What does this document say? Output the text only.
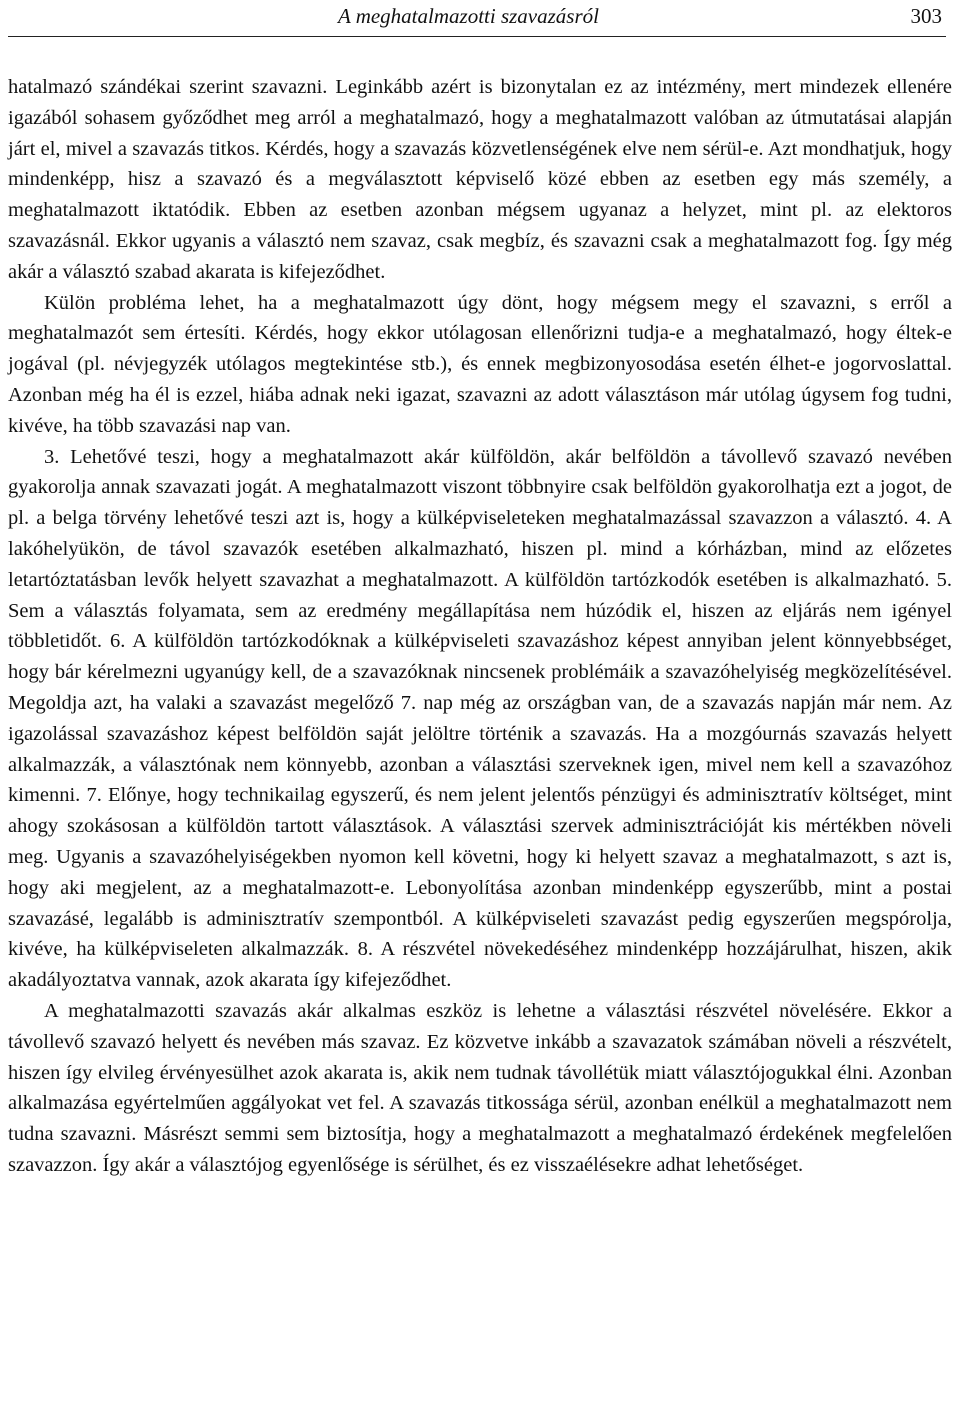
A meghatalmazotti szavazásról	303

hatalmazó szándékai szerint szavazni. Leginkább azért is bizonytalan ez az intézmény, mert mindezek ellenére igazából sohasem győződhet meg arról a meghatalmazó, hogy a meghatalmazott valóban az útmutatásai alapján járt el, mivel a szavazás titkos. Kérdés, hogy a szavazás közvetlenségének elve nem sérül-e. Azt mondhatjuk, hogy mindenképp, hisz a szavazó és a megválasztott képviselő közé ebben az esetben egy más személy, a meghatalmazott iktatódik. Ebben az esetben azonban mégsem ugyanaz a helyzet, mint pl. az elektoros szavazásnál. Ekkor ugyanis a választó nem szavaz, csak megbíz, és szavazni csak a meghatalmazott fog. Így még akár a választó szabad akarata is kifejeződhet.

Külön probléma lehet, ha a meghatalmazott úgy dönt, hogy mégsem megy el szavazni, s erről a meghatalmazót sem értesíti. Kérdés, hogy ekkor utólagosan ellenőrizni tudja-e a meghatalmazó, hogy éltek-e jogával (pl. névjegyzék utólagos megtekintése stb.), és ennek megbizonyosodása esetén élhet-e jogorvoslattal. Azonban még ha él is ezzel, hiába adnak neki igazat, szavazni az adott választáson már utólag úgysem fog tudni, kivéve, ha több szavazási nap van.

3. Lehetővé teszi, hogy a meghatalmazott akár külföldön, akár belföldön a távollevő szavazó nevében gyakorolja annak szavazati jogát. A meghatalmazott viszont többnyire csak belföldön gyakorolhatja ezt a jogot, de pl. a belga törvény lehetővé teszi azt is, hogy a külképviseleteken meghatalmazással szavazzon a választó. 4. A lakóhelyükön, de távol szavazók esetében alkalmazható, hiszen pl. mind a kórházban, mind az előzetes letartóztatásban levők helyett szavazhat a meghatalmazott. A külföldön tartózkodók esetében is alkalmazható. 5. Sem a választás folyamata, sem az eredmény megállapítása nem húzódik el, hiszen az eljárás nem igényel többletidőt. 6. A külföldön tartózkodóknak a külképviseleti szavazáshoz képest annyiban jelent könnyebbséget, hogy bár kérelmezni ugyanúgy kell, de a szavazóknak nincsenek problémáik a szavazóhelyiség megközelítésével. Megoldja azt, ha valaki a szavazást megelőző 7. nap még az országban van, de a szavazás napján már nem. Az igazolással szavazáshoz képest belföldön saját jelöltre történik a szavazás. Ha a mozgóurnás szavazás helyett alkalmazzák, a választónak nem könnyebb, azonban a választási szerveknek igen, mivel nem kell a szavazóhoz kimenni. 7. Előnye, hogy technikailag egyszerű, és nem jelent jelentős pénzügyi és adminisztratív költséget, mint ahogy szokásosan a külföldön tartott választások. A választási szervek adminisztrációját kis mértékben növeli meg. Ugyanis a szavazóhelyiségekben nyomon kell követni, hogy ki helyett szavaz a meghatalmazott, s azt is, hogy aki megjelent, az a meghatalmazott-e. Lebonyolítása azonban mindenképp egyszerűbb, mint a postai szavazásé, legalább is adminisztratív szempontból. A külképviseleti szavazást pedig egyszerűen megspórolja, kivéve, ha külképviseleten alkalmazzák. 8. A részvétel növekedéséhez mindenképp hozzájárulhat, hiszen, akik akadályoztatva vannak, azok akarata így kifejeződhet.

A meghatalmazotti szavazás akár alkalmas eszköz is lehetne a választási részvétel növelésére. Ekkor a távollevő szavazó helyett és nevében más szavaz. Ez közvetve inkább a szavazatok számában növeli a részvételt, hiszen így elvileg érvényesülhet azok akarata is, akik nem tudnak távollétük miatt választójogukkal élni. Azonban alkalmazása egyértelműen aggályokat vet fel. A szavazás titkossága sérül, azonban enélkül a meghatalmazott nem tudna szavazni. Másrészt semmi sem biztosítja, hogy a meghatalmazott a meghatalmazó érdekének megfelelően szavazzon. Így akár a választójog egyenlősége is sérülhet, és ez visszaélésekre adhat lehetőséget.
